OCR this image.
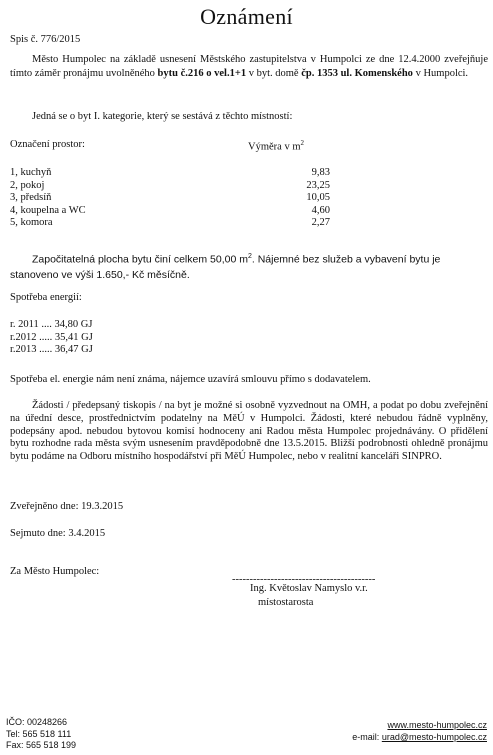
Oznámení
Spis č. 776/2015
Město Humpolec na základě usnesení Městského zastupitelstva v Humpolci ze dne 12.4.2000 zveřejňuje tímto záměr pronájmu uvolněného bytu č.216 o vel.1+1 v byt. domě čp. 1353 ul. Komenského v Humpolci.
Jedná se o byt I. kategorie, který se sestává z těchto místností:
Označení prostor:	Výměra v $m^2$
1, kuchyň	9,83
2, pokoj	23,25
3, předsíň	10,05
4, koupelna a WC	4,60
5, komora	2,27
Započitatelná plocha bytu činí celkem 50,00 $m^2$. Nájemné bez služeb a vybavení bytu je stanoveno ve výši 1.650,- Kč měsíčně.
Spotřeba energií:
r. 2011 .... 34,80 GJ
r.2012 ..... 35,41 GJ
r.2013 ..... 36,47 GJ
Spotřeba el. energie nám není známa, nájemce uzavírá smlouvu přímo s dodavatelem.
Žádosti / předepsaný tiskopis / na byt je možné si osobně vyzvednout na OMH, a podat po dobu zveřejnění na úřední desce, prostřednictvím podatelny na MěÚ v Humpolci. Žádosti, které nebudou řádně vyplněny, podepsány apod. nebudou bytovou komisí hodnoceny ani Radou města Humpolec projednávány. O přidělení bytu rozhodne rada města svým usnesením pravděpodobně dne 13.5.2015. Bližší podrobnosti ohledně pronájmu bytu podáme na Odboru místního hospodářství při MěÚ Humpolec, nebo v realitní kanceláři SINPRO.
Zveřejněno dne: 19.3.2015
Sejmuto dne: 3.4.2015
Za Město Humpolec:
-----------------------------------------
Ing. Květoslav Namyslo v.r.
místostarosta
IČO: 00248266
Tel: 565 518 111
Fax: 565 518 199
www.mesto-humpolec.cz
e-mail: urad@mesto-humpolec.cz
